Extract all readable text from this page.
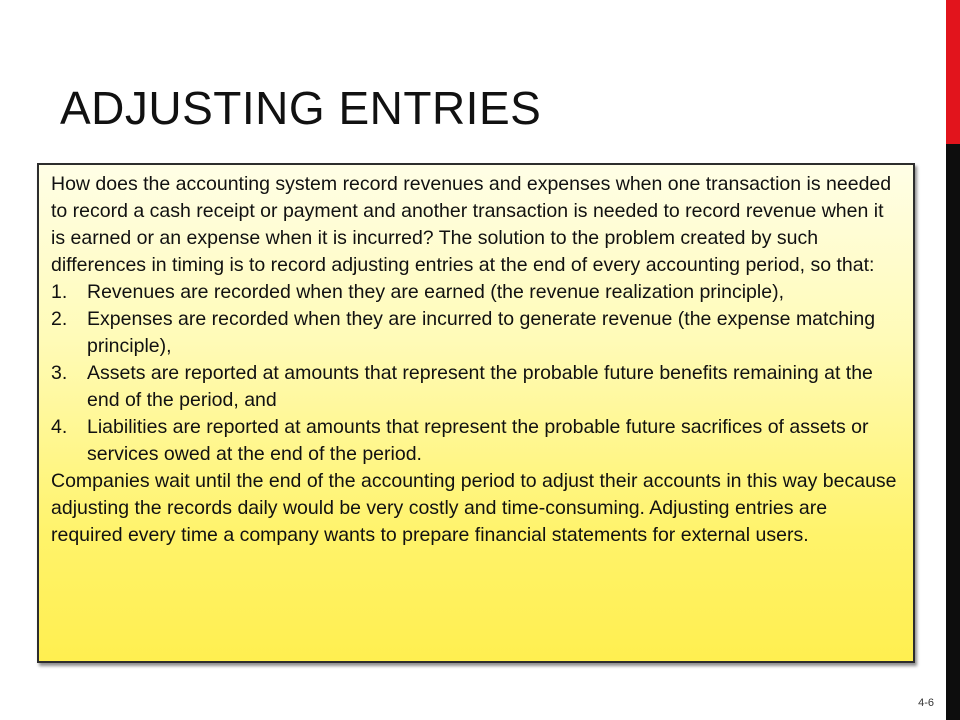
ADJUSTING ENTRIES

How does the accounting system record revenues and expenses when one transaction is needed to record a cash receipt or payment and another transaction is needed to record revenue when it is earned or an expense when it is incurred? The solution to the problem created by such differences in timing is to record adjusting entries at the end of every accounting period, so that:

1. Revenues are recorded when they are earned (the revenue realization principle),
2. Expenses are recorded when they are incurred to generate revenue (the expense matching principle),
3. Assets are reported at amounts that represent the probable future benefits remaining at the end of the period, and
4. Liabilities are reported at amounts that represent the probable future sacrifices of assets or services owed at the end of the period.

Companies wait until the end of the accounting period to adjust their accounts in this way because adjusting the records daily would be very costly and time-consuming. Adjusting entries are required every time a company wants to prepare financial statements for external users.

4-6
